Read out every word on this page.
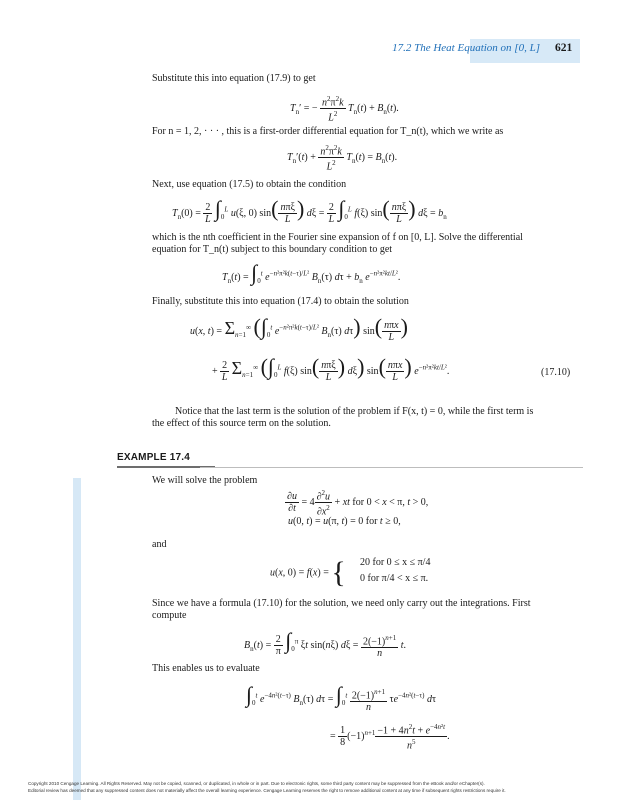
17.2 The Heat Equation on [0, L] 621
Substitute this into equation (17.9) to get
$T_n'$ = − $\frac{n^2\pi^2k}{L^2} T_n(t) + B_n(t)$.
For n = 1, 2, · · · , this is a first-order differential equation for T_n(t), which we write as
$T_n'(t) + \frac{n^2\pi^2k}{L^2} T_n(t) = B_n(t)$.
Next, use equation (17.5) to obtain the condition
$T_n(0) = \frac{2}{L} \int_0^L$ u(ξ, 0) $\sin( \frac{\text{nπξ}}{L}$ ) $d\xi = \frac{2}{L} \int_0^L$ f(ξ) $\sin( \frac{\text{nπξ}}{L}$ ) $d\xi = b_n$
which is the nth coefficient in the Fourier sine expansion of f on [0, L]. Solve the differential
equation for T_n(t) subject to this boundary condition to get
$T_n(t) = \int_0^t$ $e^{-n^2\pi^2k(t-\tau)/L^2}$ $B_n(\tau) d\tau + b_n$ $e^{-n^2\pi^2kt/L^2}$.
Finally, substitute this into equation (17.4) to obtain the solution
u(x, $t) = \Sigma_{n=1}^\infty$ ($\int_0^t$ $e^{-n^2\pi^2k(t-\tau)/L^2}$ $B_n(\tau)$ dτ) $\sin( \frac{\text{nπx}}{L}$ )
+ $\frac{2}{L} \Sigma_{n=1}^\infty$ ($\int_0^L$ f(ξ) $\sin( \frac{\text{nπξ}}{L}$ ) dξ) $\sin( \frac{\text{nπx}}{L}$ ) $e^{-n^2\pi^2kt/L^2}$.	(17.10)
Notice that the last term is the solution of the problem if F(x, t) = 0, while the first term is
the effect of this source term on the solution.
EXAMPLE 17.4
We will solve the problem
$\frac{\partial u}{\partial t} = 4 \frac{\partial^2u}{\partial x^2}$ + xt for 0 < x < π, t > 0,
u(0, t) = u(π, t) = 0 for t ≥ 0,
and
u(x, 0) = f(x) = { 20 for 0 ≤ x ≤ π/4
0 for π/4 < x ≤ π.
Since we have a formula (17.10) for the solution, we need only carry out the integrations. First
compute
$B_n(t) = \frac{2}{\pi} \int_0^\pi$ ξt sin(nξ) $d\xi = \frac{2(-1)^{n+1}}{n} t$.
This enables us to evaluate
$\int_0^t$ $e^{-4n^2(t-\tau)}$ $B_n(\tau) d\tau = \int_0^t \frac{2(-1)^{n+1}}{n} \tau e^{-4n^2(t-\tau)}$ dτ
= $\frac{1}{8} (-1)^{n+1} \frac{-1 + 4n^2t + e^{-4n^2t}}{n^5}$ .
Copyright 2010 Cengage Learning. All Rights Reserved. May not be copied, scanned, or duplicated, in whole or in part. Due to electronic rights, some third party content may be suppressed from the eBook and/or eChapter(s).
Editorial review has deemed that any suppressed content does not materially affect the overall learning experience. Cengage Learning reserves the right to remove additional content at any time if subsequent rights restrictions require it.
